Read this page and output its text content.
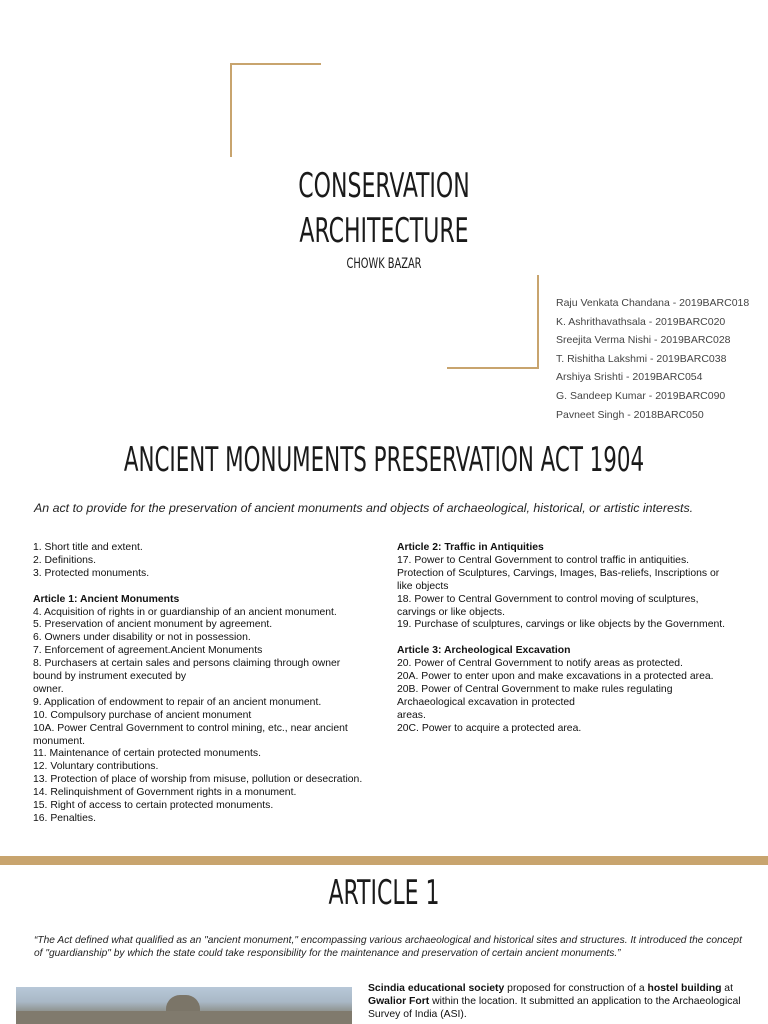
CONSERVATION
ARCHITECTURE
CHOWK BAZAR
Raju Venkata Chandana - 2019BARC018
K. Ashrithavathsala - 2019BARC020
Sreejita Verma Nishi - 2019BARC028
T. Rishitha Lakshmi - 2019BARC038
Arshiya Srishti - 2019BARC054
G. Sandeep Kumar - 2019BARC090
Pavneet Singh - 2018BARC050
ANCIENT MONUMENTS PRESERVATION ACT 1904
An act to provide for the preservation of ancient monuments and objects of archaeological, historical, or artistic interests.
1. Short title and extent.
2. Definitions.
3. Protected monuments.
Article 1: Ancient Monuments
4. Acquisition of rights in or guardianship of an ancient monument.
5. Preservation of ancient monument by agreement.
6. Owners under disability or not in possession.
7. Enforcement of agreement.Ancient Monuments
8. Purchasers at certain sales and persons claiming through owner bound by instrument executed by
owner.
9. Application of endowment to repair of an ancient monument.
10. Compulsory purchase of ancient monument
10A. Power Central Government to control mining, etc., near ancient monument.
11. Maintenance of certain protected monuments.
12. Voluntary contributions.
13. Protection of place of worship from misuse, pollution or desecration.
14. Relinquishment of Government rights in a monument.
15. Right of access to certain protected monuments.
16. Penalties.
Article 2: Traffic in Antiquities
17. Power to Central Government to control traffic in antiquities.
Protection of Sculptures, Carvings, Images, Bas-reliefs, Inscriptions or like objects
18. Power to Central Government to control moving of sculptures, carvings or like objects.
19. Purchase of sculptures, carvings or like objects by the Government.
Article 3: Archeological Excavation
20. Power of Central Government to notify areas as protected.
20A. Power to enter upon and make excavations in a protected area.
20B. Power of Central Government to make rules regulating Archaeological excavation in protected
areas.
20C. Power to acquire a protected area.
ARTICLE 1
“The Act defined what qualified as an "ancient monument," encompassing various archaeological and historical sites and structures. It introduced the concept of "guardianship" by which the state could take responsibility for the maintenance and preservation of certain ancient monuments.”
Scindia educational society proposed for construction of a hostel building at Gwalior Fort within the location. It submitted an application to the Archaeological Survey of India (ASI).
